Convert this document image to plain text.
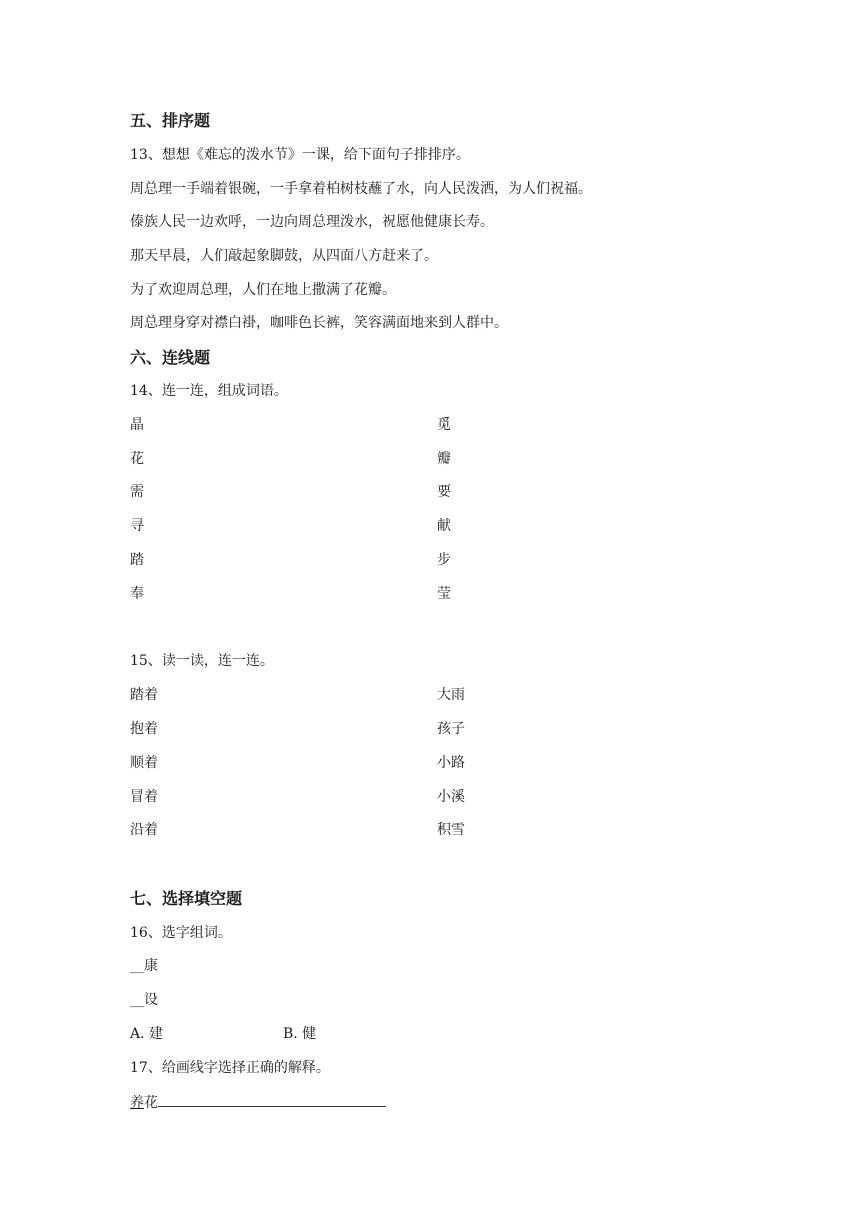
五、排序题
13、想想《难忘的泼水节》一课，给下面句子排排序。
周总理一手端着银碗，一手拿着柏树枝蘸了水，向人民泼洒，为人们祝福。
傣族人民一边欢呼，一边向周总理泼水，祝愿他健康长寿。
那天早晨，人们敲起象脚鼓，从四面八方赶来了。
为了欢迎周总理，人们在地上撒满了花瓣。
周总理身穿对襟白褂，咖啡色长裤，笑容满面地来到人群中。
六、连线题
14、连一连，组成词语。
晶
花
需
寻
踏
奉
觅
瓣
要
献
步
莹
15、读一读，连一连。
踏着
抱着
顺着
冒着
沿着
大雨
孩子
小路
小溪
积雪
七、选择填空题
16、选字组词。
__康
__设
A. 建	B. 健
17、给画线字选择正确的解释。
养花
